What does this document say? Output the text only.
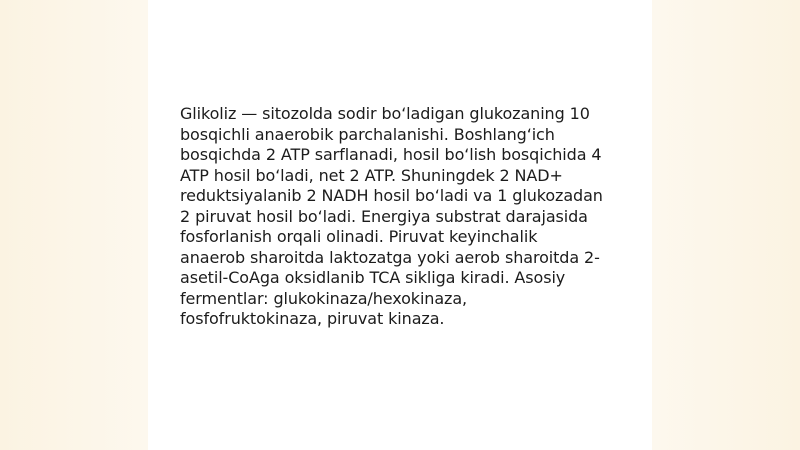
Glikoliz — sitozolda sodir bo‘ladigan glukozaning 10
bosqichli anaerobik parchalanishi. Boshlang‘ich
bosqichda 2 ATP sarflanadi, hosil bo‘lish bosqichida 4
ATP hosil bo‘ladi, net 2 ATP. Shuningdek 2 NAD+
reduktsiyalanib 2 NADH hosil bo‘ladi va 1 glukozadan
2 piruvat hosil bo‘ladi. Energiya substrat darajasida
fosforlanish orqali olinadi. Piruvat keyinchalik
anaerob sharoitda laktozatga yoki aerob sharoitda 2-
asetil-CoAga oksidlanib TCA sikliga kiradi. Asosiy
fermentlar: glukokinaza/hexokinaza,
fosfofruktokinaza, piruvat kinaza.
